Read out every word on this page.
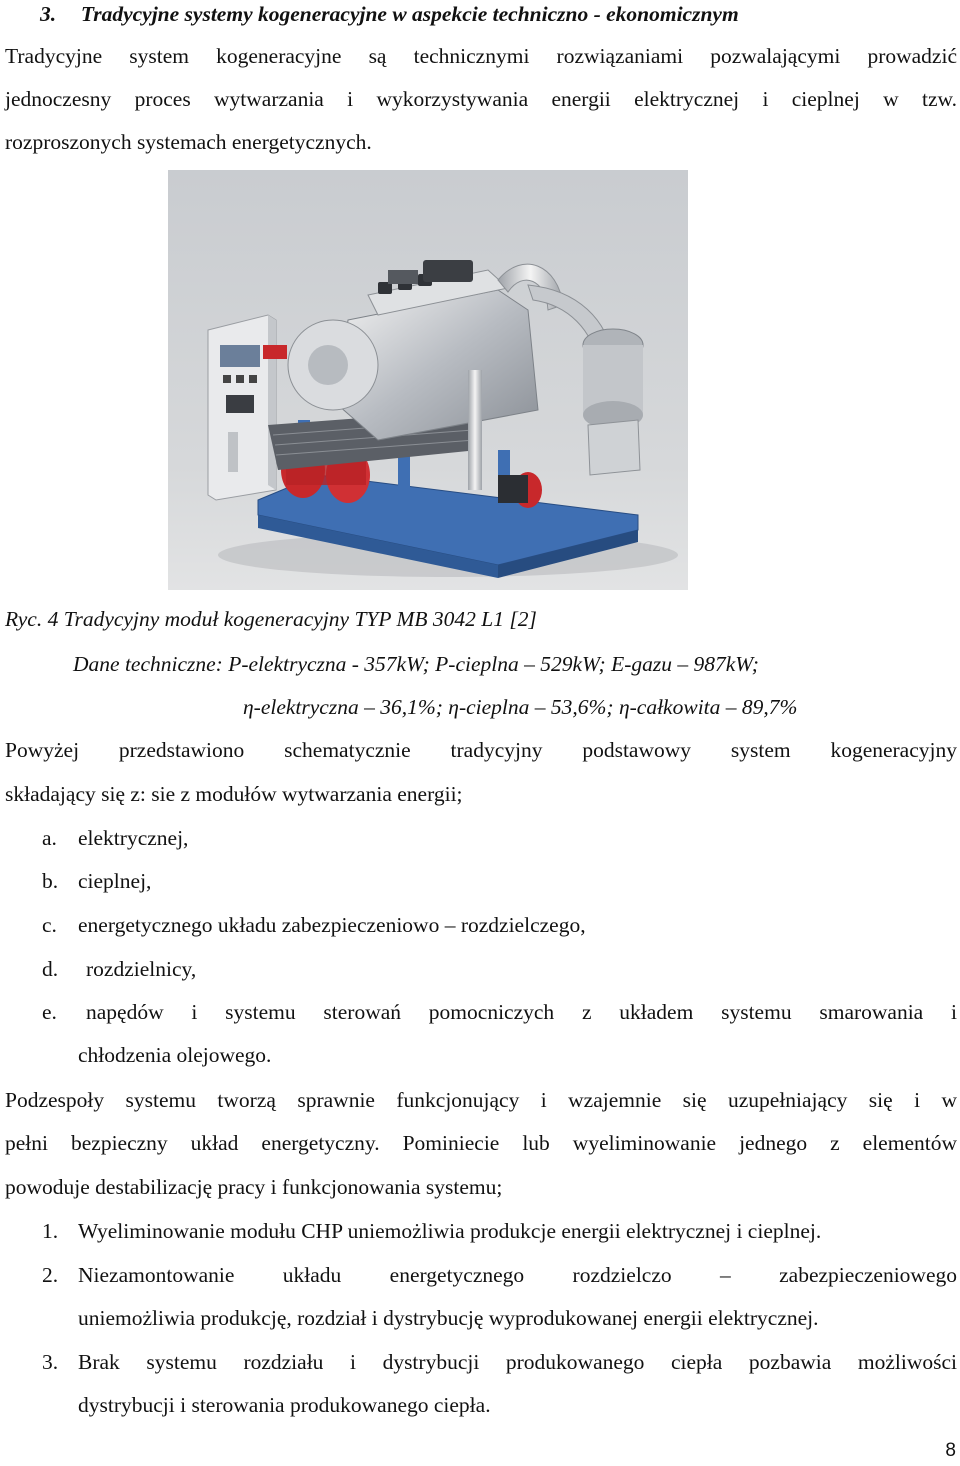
3. Tradycyjne systemy kogeneracyjne w aspekcie techniczno - ekonomicznym
Tradycyjne system kogeneracyjne są technicznymi rozwiązaniami pozwalającymi prowadzić
jednoczesny proces wytwarzania i wykorzystywania energii elektrycznej i cieplnej w tzw.
rozproszonych systemach energetycznych.
Ryc. 4 Tradycyjny moduł kogeneracyjny TYP MB 3042 L1 [2]
Dane techniczne: P-elektryczna - 357kW; P-cieplna – 529kW; E-gazu – 987kW;
η-elektryczna – 36,1%; η-cieplna – 53,6%; η-całkowita – 89,7%
Powyżej przedstawiono schematycznie tradycyjny podstawowy system kogeneracyjny
składający się z: sie z modułów wytwarzania energii;
a. elektrycznej,
b. cieplnej,
c. energetycznego układu zabezpieczeniowo – rozdzielczego,
d. rozdzielnicy,
e. napędów i systemu sterowań pomocniczych z układem systemu smarowania i
chłodzenia olejowego.
Podzespoły systemu tworzą sprawnie funkcjonujący i wzajemnie się uzupełniający się i w
pełni bezpieczny układ energetyczny. Pominiecie lub wyeliminowanie jednego z elementów
powoduje destabilizację pracy i funkcjonowania systemu;
1. Wyeliminowanie modułu CHP uniemożliwia produkcje energii elektrycznej i cieplnej.
2. Niezamontowanie układu energetycznego rozdzielczo – zabezpieczeniowego
uniemożliwia produkcję, rozdział i dystrybucję wyprodukowanej energii elektrycznej.
3. Brak systemu rozdziału i dystrybucji produkowanego ciepła pozbawia możliwości
dystrybucji i sterowania produkowanego ciepła.
8
